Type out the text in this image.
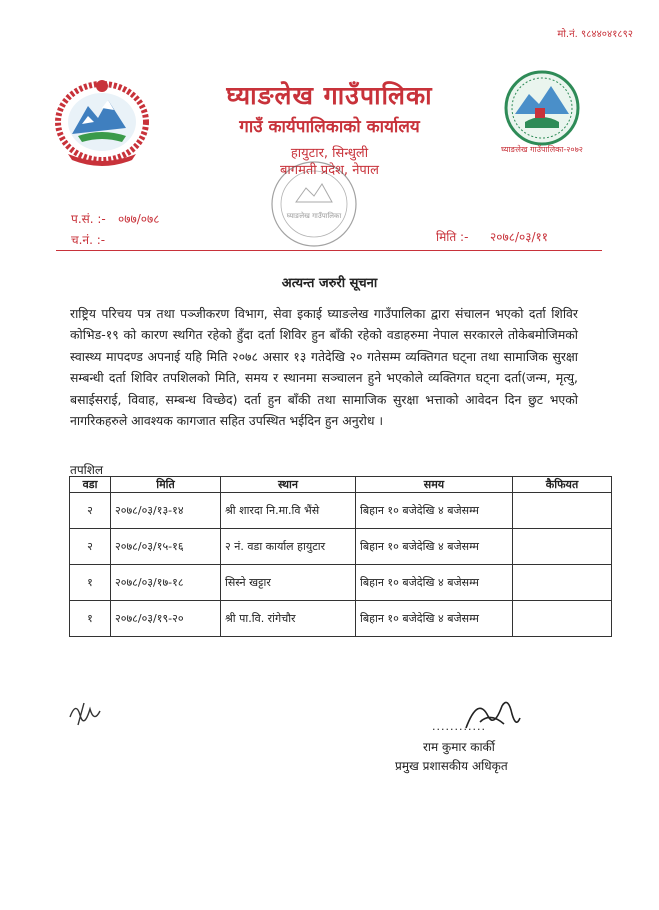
मो.नं. ९८४४०४१८९२
घ्याङलेख गाउँपालिका-२०७२
घ्याङलेख गाउँपालिका
गाउँ कार्यपालिकाको कार्यालय
हायुटार, सिन्धुली
बागमती प्रदेश, नेपाल
घ्याङलेख गाउँपालिका
प.सं. :- ०७७/०७८
च.नं. :-	मिति :- २०७८/०३/११
अत्यन्त जरुरी सूचना
राष्ट्रिय परिचय पत्र तथा पञ्जीकरण विभाग, सेवा इकाई घ्याङलेख गाउँपालिका द्वारा संचालन भएको दर्ता शिविर कोभिड-१९ को कारण स्थगित रहेको हुँदा दर्ता शिविर हुन बाँकी रहेको वडाहरुमा नेपाल सरकारले तोकेबमोजिमको स्वास्थ्य मापदण्ड अपनाई यहि मिति २०७८ असार १३ गतेदेखि २० गतेसम्म व्यक्तिगत घट्ना तथा सामाजिक सुरक्षा सम्बन्धी दर्ता शिविर तपशिलको मिति, समय र स्थानमा सञ्चालन हुने भएकोले व्यक्तिगत घट्ना दर्ता(जन्म, मृत्यु, बसाईसराई, विवाह, सम्बन्ध विच्छेद) दर्ता हुन बाँकी तथा सामाजिक सुरक्षा भत्ताको आवेदन दिन छुट भएको नागरिकहरुले आवश्यक कागजात सहित उपस्थित भईदिन हुन अनुरोध ।
तपशिल
वडा	मिति	स्थान	समय	कैफियत
२	२०७८/०३/१३-१४	श्री शारदा नि.मा.वि भैंसे	बिहान १० बजेदेखि ४ बजेसम्म	
२	२०७८/०३/१५-१६	२ नं. वडा कार्याल हायुटार	बिहान १० बजेदेखि ४ बजेसम्म	
१	२०७८/०३/१७-१८	सिस्ने खट्टार	बिहान १० बजेदेखि ४ बजेसम्म	
१	२०७८/०३/१९-२०	श्री पा.वि. रांगेचौर	बिहान १० बजेदेखि ४ बजेसम्म	
............
राम कुमार कार्की
प्रमुख प्रशासकीय अधिकृत
